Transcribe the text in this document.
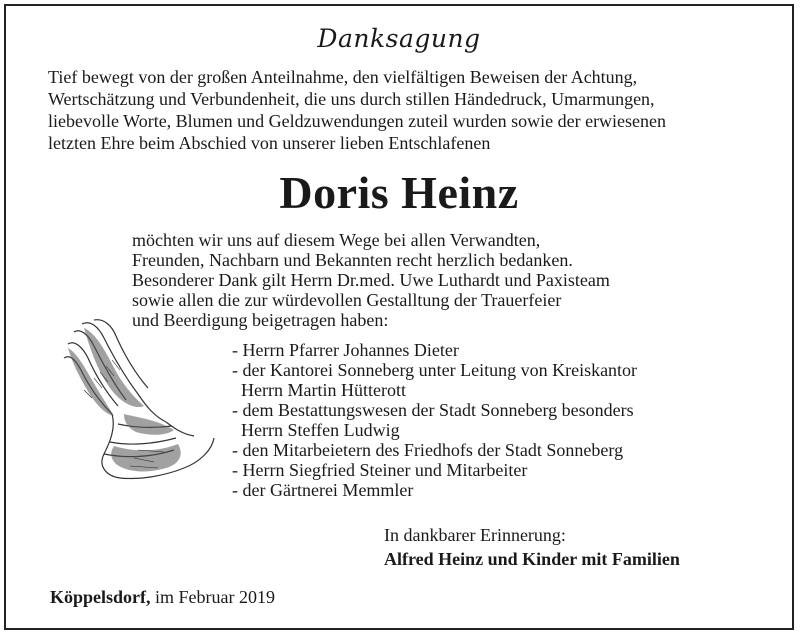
Danksagung
Tief bewegt von der großen Anteilnahme, den vielfältigen Beweisen der Achtung,
Wertschätzung und Verbundenheit, die uns durch stillen Händedruck, Umarmungen,
liebevolle Worte, Blumen und Geldzuwendungen zuteil wurden sowie der erwiesenen
letzten Ehre beim Abschied von unserer lieben Entschlafenen
Doris Heinz
möchten wir uns auf diesem Wege bei allen Verwandten,
Freunden, Nachbarn und Bekannten recht herzlich bedanken.
Besonderer Dank gilt Herrn Dr.med. Uwe Luthardt und Paxisteam
sowie allen die zur würdevollen Gestalltung der Trauerfeier
und Beerdigung beigetragen haben:
- Herrn Pfarrer Johannes Dieter
- der Kantorei Sonneberg unter Leitung von Kreiskantor
Herrn Martin Hütterott
- dem Bestattungswesen der Stadt Sonneberg besonders
Herrn Steffen Ludwig
- den Mitarbeietern des Friedhofs der Stadt Sonneberg
- Herrn Siegfried Steiner und Mitarbeiter
- der Gärtnerei Memmler
In dankbarer Erinnerung:
Alfred Heinz und Kinder mit Familien
Köppelsdorf, im Februar 2019
